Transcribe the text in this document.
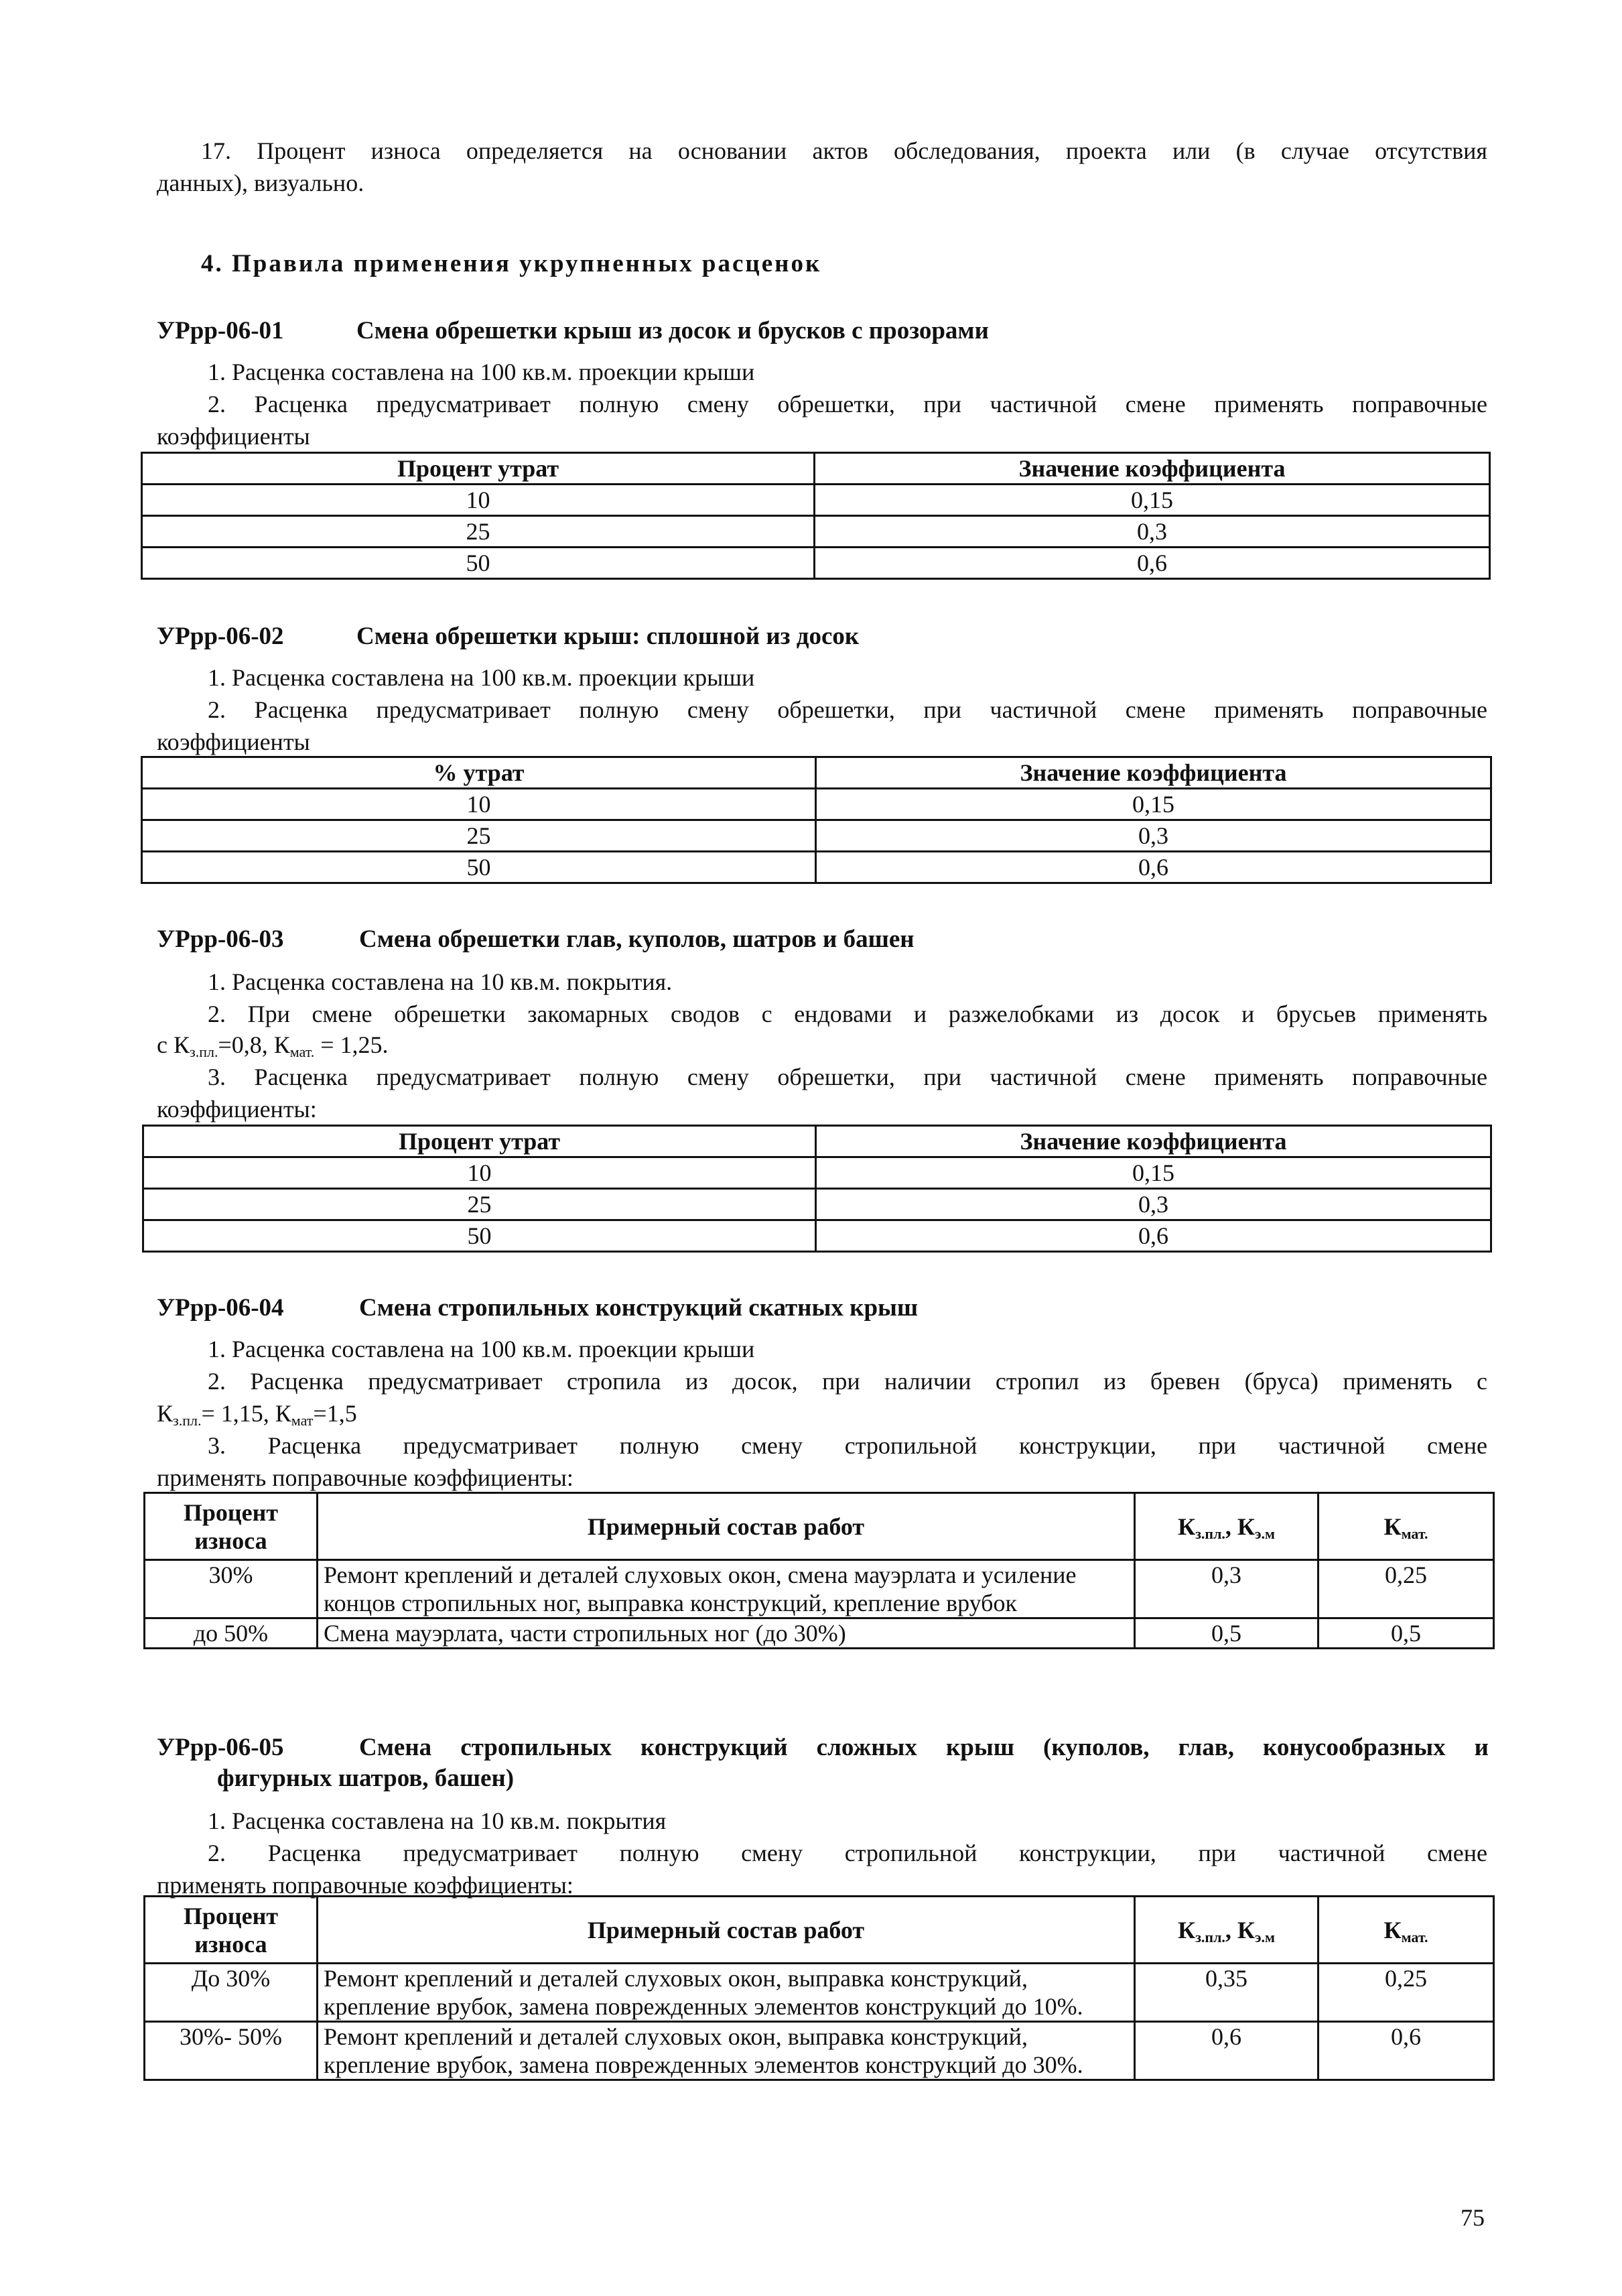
17. Процент износа определяется на основании актов обследования, проекта или (в случае отсутствия
данных), визуально.
4. Правила применения укрупненных расценок
УРрр-06-01	Смена обрешетки крыш из досок и брусков с прозорами
1. Расценка составлена на 100 кв.м. проекции крыши
2. Расценка предусматривает полную смену обрешетки, при частичной смене применять поправочные
коэффициенты
Процент утрат	Значение коэффициента
10	0,15
25	0,3
50	0,6
УРрр-06-02	Смена обрешетки крыш: сплошной из досок
1. Расценка составлена на 100 кв.м. проекции крыши
2. Расценка предусматривает полную смену обрешетки, при частичной смене применять поправочные
коэффициенты
% утрат	Значение коэффициента
10	0,15
25	0,3
50	0,6
УРрр-06-03	Смена обрешетки глав, куполов, шатров и башен
1. Расценка составлена на 10 кв.м. покрытия.
2. При смене обрешетки закомарных сводов с ендовами и разжелобками из досок и брусьев применять
с $К_{з.пл.}=0,8$, $К_{мат.} = 1,25$.
3. Расценка предусматривает полную смену обрешетки, при частичной смене применять поправочные
коэффициенты:
Процент утрат	Значение коэффициента
10	0,15
25	0,3
50	0,6
УРрр-06-04	Смена стропильных конструкций скатных крыш
1. Расценка составлена на 100 кв.м. проекции крыши
2. Расценка предусматривает стропила из досок, при наличии стропил из бревен (бруса) применять с
$К_{з.пл.}= 1,15$, $К_{мат}=1,5$
3. Расценка предусматривает полную смену стропильной конструкции, при частичной смене
применять поправочные коэффициенты:
Процент износа	Примерный состав работ	$К_{з.пл.}$, $К_{э.м}$	$К_{мат.}$
30%	Ремонт креплений и деталей слуховых окон, смена мауэрлата и усиление концов стропильных ног, выправка конструкций, крепление врубок	0,3	0,25
до 50%	Смена мауэрлата, части стропильных ног (до 30%)	0,5	0,5
УРрр-06-05	Смена стропильных конструкций сложных крыш (куполов, глав, конусообразных и
фигурных шатров, башен)
1. Расценка составлена на 10 кв.м. покрытия
2. Расценка предусматривает полную смену стропильной конструкции, при частичной смене
применять поправочные коэффициенты:
Процент износа	Примерный состав работ	$К_{з.пл.}$, $К_{э.м}$	$К_{мат.}$
До 30%	Ремонт креплений и деталей слуховых окон, выправка конструкций, крепление врубок, замена поврежденных элементов конструкций до 10%.	0,35	0,25
30%- 50%	Ремонт креплений и деталей слуховых окон, выправка конструкций, крепление врубок, замена поврежденных элементов конструкций до 30%.	0,6	0,6
75
